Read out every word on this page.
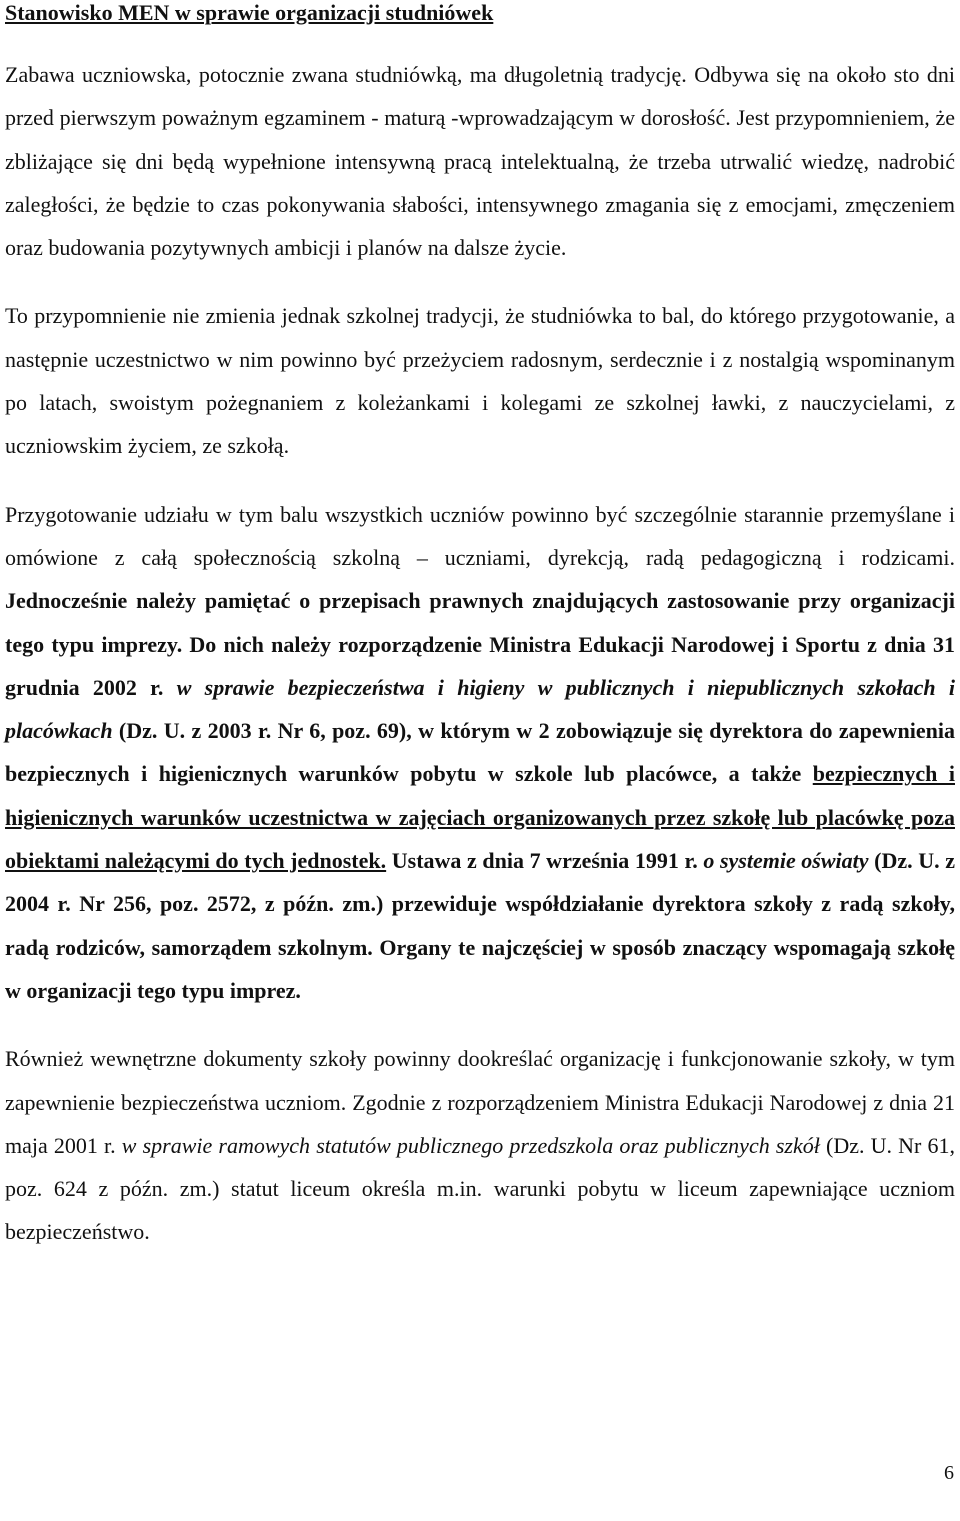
Stanowisko MEN w sprawie organizacji studniówek

Zabawa uczniowska, potocznie zwana studniówką, ma długoletnią tradycję. Odbywa się na około sto dni przed pierwszym poważnym egzaminem - maturą -wprowadzającym w dorosłość. Jest przypomnieniem, że zbliżające się dni będą wypełnione intensywną pracą intelektualną, że trzeba utrwalić wiedzę, nadrobić zaległości, że będzie to czas pokonywania słabości, intensywnego zmagania się z emocjami, zmęczeniem oraz budowania pozytywnych ambicji i planów na dalsze życie.

To przypomnienie nie zmienia jednak szkolnej tradycji, że studniówka to bal, do którego przygotowanie, a następnie uczestnictwo w nim powinno być przeżyciem radosnym, serdecznie i z nostalgią wspominanym po latach, swoistym pożegnaniem z koleżankami i kolegami ze szkolnej ławki, z nauczycielami, z uczniowskim życiem, ze szkołą.

Przygotowanie udziału w tym balu wszystkich uczniów powinno być szczególnie starannie przemyślane i omówione z całą społecznością szkolną – uczniami, dyrekcją, radą pedagogiczną i rodzicami. Jednocześnie należy pamiętać o przepisach prawnych znajdujących zastosowanie przy organizacji tego typu imprezy. Do nich należy rozporządzenie Ministra Edukacji Narodowej i Sportu z dnia 31 grudnia 2002 r. w sprawie bezpieczeństwa i higieny w publicznych i niepublicznych szkołach i placówkach (Dz. U. z 2003 r. Nr 6, poz. 69), w którym w 2 zobowiązuje się dyrektora do zapewnienia bezpiecznych i higienicznych warunków pobytu w szkole lub placówce, a także bezpiecznych i higienicznych warunków uczestnictwa w zajęciach organizowanych przez szkołę lub placówkę poza obiektami należącymi do tych jednostek. Ustawa z dnia 7 września 1991 r. o systemie oświaty (Dz. U. z 2004 r. Nr 256, poz. 2572, z późn. zm.) przewiduje współdziałanie dyrektora szkoły z radą szkoły, radą rodziców, samorządem szkolnym. Organy te najczęściej w sposób znaczący wspomagają szkołę w organizacji tego typu imprez.

Również wewnętrzne dokumenty szkoły powinny dookreślać organizację i funkcjonowanie szkoły, w tym zapewnienie bezpieczeństwa uczniom. Zgodnie z rozporządzeniem Ministra Edukacji Narodowej z dnia 21 maja 2001 r. w sprawie ramowych statutów publicznego przedszkola oraz publicznych szkół (Dz. U. Nr 61, poz. 624 z późn. zm.) statut liceum określa m.in. warunki pobytu w liceum zapewniające uczniom bezpieczeństwo.

6
